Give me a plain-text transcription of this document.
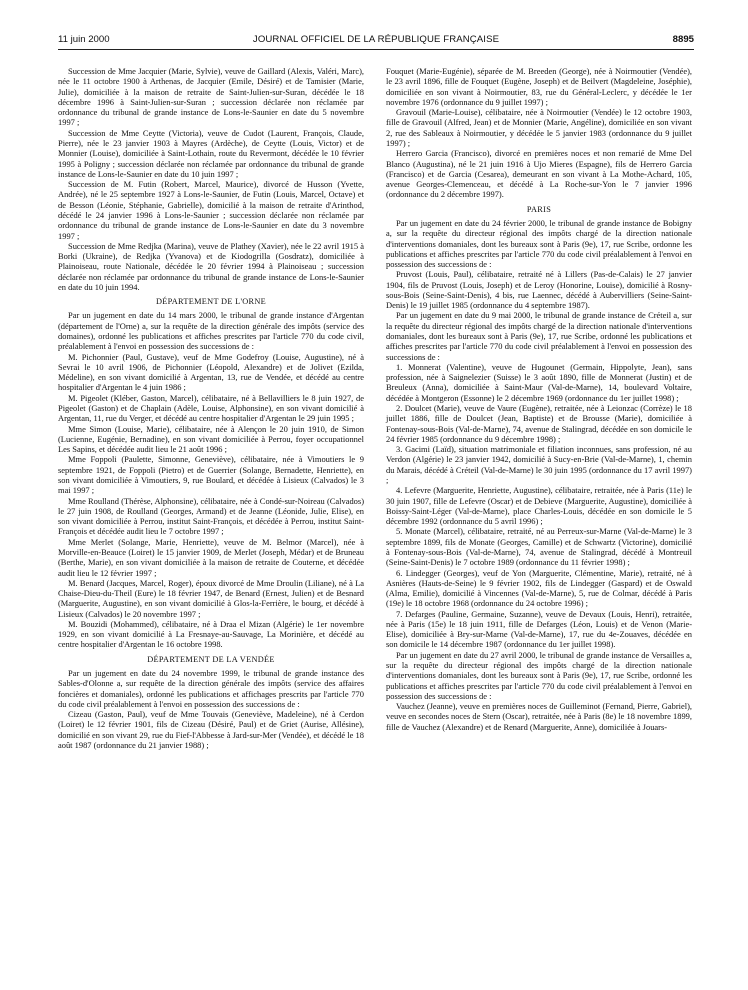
11 juin 2000	JOURNAL OFFICIEL DE LA RÉPUBLIQUE FRANÇAISE	8895

Succession de Mme Jacquier (Marie, Sylvie), veuve de Gaillard (Alexis, Valéri, Marc), née le 11 octobre 1900 à Arthenas, de Jacquier (Emile, Désiré) et de Tamisier (Marie, Julie), domiciliée à la maison de retraite de Saint-Julien-sur-Suran, décédée le 18 décembre 1996 à Saint-Julien-sur-Suran ; succession déclarée non réclamée par ordonnance du tribunal de grande instance de Lons-le-Saunier en date du 5 novembre 1997 ;

Succession de Mme Ceytte (Victoria), veuve de Cudot (Laurent, François, Claude, Pierre), née le 23 janvier 1903 à Mayres (Ardèche), de Ceytte (Louis, Victor) et de Monnier (Louise), domiciliée à Saint-Lothain, route du Revermont, décédée le 10 février 1995 à Poligny ; succession déclarée non réclamée par ordonnance du tribunal de grande instance de Lons-le-Saunier en date du 10 juin 1997 ;

Succession de M. Futin (Robert, Marcel, Maurice), divorcé de Husson (Yvette, Andrée), né le 25 septembre 1927 à Lons-le-Saunier, de Futin (Louis, Marcel, Octave) et de Besson (Léonie, Stéphanie, Gabrielle), domicilié à la maison de retraite d'Arinthod, décédé le 24 janvier 1996 à Lons-le-Saunier ; succession déclarée non réclamée par ordonnance du tribunal de grande instance de Lons-le-Saunier en date du 3 novembre 1997 ;

Succession de Mme Redjka (Marina), veuve de Plathey (Xavier), née le 22 avril 1915 à Borki (Ukraine), de Redjka (Yvanova) et de Kiodogrilla (Gosdratz), domiciliée à Plainoiseau, route Nationale, décédée le 20 février 1994 à Plainoiseau ; succession déclarée non réclamée par ordonnance du tribunal de grande instance de Lons-le-Saunier en date du 10 juin 1994.

DÉPARTEMENT DE L'ORNE

Par un jugement en date du 14 mars 2000, le tribunal de grande instance d'Argentan (département de l'Orne) a, sur la requête de la direction générale des impôts (service des domaines), ordonné les publications et affiches prescrites par l'article 770 du code civil, préalablement à l'envoi en possession des successions de :

M. Pichonnier (Paul, Gustave), veuf de Mme Godefroy (Louise, Augustine), né à Sevrai le 10 avril 1906, de Pichonnier (Léopold, Alexandre) et de Jolivet (Ezilda, Médeline), en son vivant domicilié à Argentan, 13, rue de Vendée, et décédé au centre hospitalier d'Argentan le 4 juin 1986 ;

M. Pigeolet (Kléber, Gaston, Marcel), célibataire, né à Bellavilliers le 8 juin 1927, de Pigeolet (Gaston) et de Chaplain (Adèle, Louise, Alphonsine), en son vivant domicilié à Argentan, 11, rue du Verger, et décédé au centre hospitalier d'Argentan le 29 juin 1995 ;

Mme Simon (Louise, Marie), célibataire, née à Alençon le 20 juin 1910, de Simon (Lucienne, Eugénie, Bernadine), en son vivant domiciliée à Perrou, foyer occupationnel Les Sapins, et décédée audit lieu le 21 août 1996 ;

Mme Foppoli (Paulette, Simonne, Geneviève), célibataire, née à Vimoutiers le 9 septembre 1921, de Foppoli (Pietro) et de Guerrier (Solange, Bernadette, Henriette), en son vivant domiciliée à Vimoutiers, 9, rue Boulard, et décédée à Lisieux (Calvados) le 3 mai 1997 ;

Mme Roulland (Thérèse, Alphonsine), célibataire, née à Condé-sur-Noireau (Calvados) le 27 juin 1908, de Roulland (Georges, Armand) et de Jeanne (Léonide, Julie, Elise), en son vivant domiciliée à Perrou, institut Saint-François, et décédée à Perrou, institut Saint-François et décédée audit lieu le 7 octobre 1997 ;

Mme Merlet (Solange, Marie, Henriette), veuve de M. Belmor (Marcel), née à Morville-en-Beauce (Loiret) le 15 janvier 1909, de Merlet (Joseph, Médar) et de Bruneau (Berthe, Marie), en son vivant domiciliée à la maison de retraite de Couterne, et décédée audit lieu le 12 février 1997 ;

M. Benard (Jacques, Marcel, Roger), époux divorcé de Mme Droulin (Liliane), né à La Chaise-Dieu-du-Theil (Eure) le 18 février 1947, de Benard (Ernest, Julien) et de Besnard (Marguerite, Augustine), en son vivant domicilié à Glos-la-Ferrière, le bourg, et décédé à Lisieux (Calvados) le 20 novembre 1997 ;

M. Bouzidi (Mohammed), célibataire, né à Draa el Mizan (Algérie) le 1er novembre 1929, en son vivant domicilié à La Fresnaye-au-Sauvage, La Morinière, et décédé au centre hospitalier d'Argentan le 16 octobre 1998.

DÉPARTEMENT DE LA VENDÉE

Par un jugement en date du 24 novembre 1999, le tribunal de grande instance des Sables-d'Olonne a, sur requête de la direction générale des impôts (service des affaires foncières et domaniales), ordonné les publications et affichages prescrits par l'article 770 du code civil préalablement à l'envoi en possession des successions de :

Cizeau (Gaston, Paul), veuf de Mme Touvais (Geneviève, Madeleine), né à Cerdon (Loiret) le 12 février 1901, fils de Cizeau (Désiré, Paul) et de Griet (Aurise, Allésine), domicilié en son vivant 29, rue du Fief-l'Abbesse à Jard-sur-Mer (Vendée), et décédé le 18 août 1987 (ordonnance du 21 janvier 1988) ;

Fouquet (Marie-Eugénie), séparée de M. Breeden (George), née à Noirmoutier (Vendée), le 23 avril 1896, fille de Fouquet (Eugène, Joseph) et de Beilvert (Magdeleine, Joséphie), domiciliée en son vivant à Noirmoutier, 83, rue du Général-Leclerc, y décédée le 1er novembre 1976 (ordonnance du 9 juillet 1997) ;

Gravouil (Marie-Louise), célibataire, née à Noirmoutier (Vendée) le 12 octobre 1903, fille de Gravouil (Alfred, Jean) et de Monnier (Marie, Angéline), domiciliée en son vivant 2, rue des Sableaux à Noirmoutier, y décédée le 5 janvier 1983 (ordonnance du 9 juillet 1997) ;

Herrero Garcia (Francisco), divorcé en premières noces et non remarié de Mme Del Blanco (Augustina), né le 21 juin 1916 à Ujo Mieres (Espagne), fils de Herrero Garcia (Francisco) et de Garcia (Cesarea), demeurant en son vivant à La Mothe-Achard, 105, avenue Georges-Clemenceau, et décédé à La Roche-sur-Yon le 7 janvier 1996 (ordonnance du 2 décembre 1997).

PARIS

Par un jugement en date du 24 février 2000, le tribunal de grande instance de Bobigny a, sur la requête du directeur régional des impôts chargé de la direction nationale d'interventions domaniales, dont les bureaux sont à Paris (9e), 17, rue Scribe, ordonne les publications et affiches prescrites par l'article 770 du code civil préalablement à l'envoi en possession des successions de :

Pruvost (Louis, Paul), célibataire, retraité né à Lillers (Pas-de-Calais) le 27 janvier 1904, fils de Pruvost (Louis, Joseph) et de Leroy (Honorine, Louise), domicilié à Rosny-sous-Bois (Seine-Saint-Denis), 4 bis, rue Laennec, décédé à Aubervilliers (Seine-Saint-Denis) le 19 juillet 1985 (ordonnance du 4 septembre 1987).

Par un jugement en date du 9 mai 2000, le tribunal de grande instance de Créteil a, sur la requête du directeur régional des impôts chargé de la direction nationale d'interventions domaniales, dont les bureaux sont à Paris (9e), 17, rue Scribe, ordonné les publications et affiches prescrites par l'article 770 du code civil préalablement à l'envoi en possession des successions de :

1. Monnerat (Valentine), veuve de Hugounet (Germain, Hippolyte, Jean), sans profession, née à Saignelezier (Suisse) le 3 août 1890, fille de Monnerat (Justin) et de Breuleux (Anna), domiciliée à Saint-Maur (Val-de-Marne), 14, boulevard Voltaire, décédée à Montgeron (Essonne) le 2 décembre 1969 (ordonnance du 1er juillet 1998) ;

2. Doulcet (Marie), veuve de Vaure (Eugène), retraitée, née à Leionzac (Corrèze) le 18 juillet 1886, fille de Doulcet (Jean, Baptiste) et de Brousse (Marie), domiciliée à Fontenay-sous-Bois (Val-de-Marne), 74, avenue de Stalingrad, décédée en son domicile le 24 février 1985 (ordonnance du 9 décembre 1998) ;

3. Gacimi (Laïd), situation matrimoniale et filiation inconnues, sans profession, né au Verdon (Algérie) le 23 janvier 1942, domicilié à Sucy-en-Brie (Val-de-Marne), 1, chemin du Marais, décédé à Créteil (Val-de-Marne) le 30 juin 1995 (ordonnance du 17 avril 1997) ;

4. Lefevre (Marguerite, Henriette, Augustine), célibataire, retraitée, née à Paris (11e) le 30 juin 1907, fille de Lefevre (Oscar) et de Debieve (Marguerite, Augustine), domiciliée à Boissy-Saint-Léger (Val-de-Marne), place Charles-Louis, décédée en son domicile le 5 décembre 1992 (ordonnance du 5 avril 1996) ;

5. Monate (Marcel), célibataire, retraité, né au Perreux-sur-Marne (Val-de-Marne) le 3 septembre 1899, fils de Monate (Georges, Camille) et de Schwartz (Victorine), domicilié à Fontenay-sous-Bois (Val-de-Marne), 74, avenue de Stalingrad, décédé à Montreuil (Seine-Saint-Denis) le 7 octobre 1989 (ordonnance du 11 février 1998) ;

6. Lindegger (Georges), veuf de Yon (Marguerite, Clémentine, Marie), retraité, né à Asnières (Hauts-de-Seine) le 9 février 1902, fils de Lindegger (Gaspard) et de Oswald (Alma, Emilie), domicilié à Vincennes (Val-de-Marne), 5, rue de Colmar, décédé à Paris (19e) le 18 octobre 1968 (ordonnance du 24 octobre 1996) ;

7. Defarges (Pauline, Germaine, Suzanne), veuve de Devaux (Louis, Henri), retraitée, née à Paris (15e) le 18 juin 1911, fille de Defarges (Léon, Louis) et de Venon (Marie-Elise), domiciliée à Bry-sur-Marne (Val-de-Marne), 17, rue du 4e-Zouaves, décédée en son domicile le 14 décembre 1987 (ordonnance du 1er juillet 1998).

Par un jugement en date du 27 avril 2000, le tribunal de grande instance de Versailles a, sur la requête du directeur régional des impôts chargé de la direction nationale d'interventions domaniales, dont les bureaux sont à Paris (9e), 17, rue Scribe, ordonné les publications et affiches prescrites par l'article 770 du code civil préalablement à l'envoi en possession des successions de :

Vauchez (Jeanne), veuve en premières noces de Guilleminot (Fernand, Pierre, Gabriel), veuve en secondes noces de Stern (Oscar), retraitée, née à Paris (8e) le 18 novembre 1899, fille de Vauchez (Alexandre) et de Renard (Marguerite, Anne), domiciliée à Jouars-
